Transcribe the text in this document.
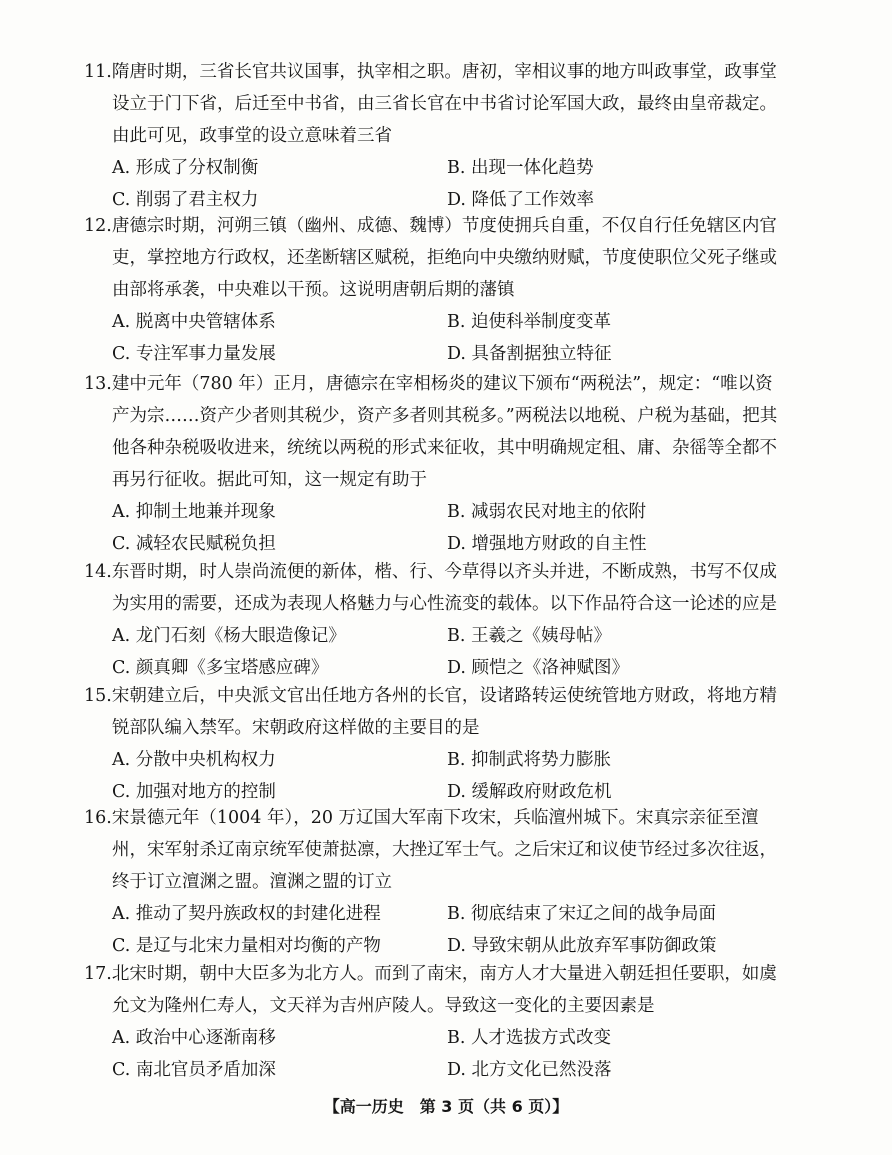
11.隋唐时期，三省长官共议国事，执宰相之职。唐初，宰相议事的地方叫政事堂，政事堂设立于门下省，后迁至中书省，由三省长官在中书省讨论军国大政，最终由皇帝裁定。由此可见，政事堂的设立意味着三省

A. 形成了分权制衡	B. 出现一体化趋势
C. 削弱了君主权力	D. 降低了工作效率

12.唐德宗时期，河朔三镇（幽州、成德、魏博）节度使拥兵自重，不仅自行任免辖区内官吏，掌控地方行政权，还垄断辖区赋税，拒绝向中央缴纳财赋，节度使职位父死子继或由部将承袭，中央难以干预。这说明唐朝后期的藩镇

A. 脱离中央管辖体系	B. 迫使科举制度变革
C. 专注军事力量发展	D. 具备割据独立特征

13.建中元年（780 年）正月，唐德宗在宰相杨炎的建议下颁布“两税法”，规定：“唯以资产为宗……资产少者则其税少，资产多者则其税多。”两税法以地税、户税为基础，把其他各种杂税吸收进来，统统以两税的形式来征收，其中明确规定租、庸、杂徭等全都不再另行征收。据此可知，这一规定有助于

A. 抑制土地兼并现象	B. 减弱农民对地主的依附
C. 减轻农民赋税负担	D. 增强地方财政的自主性

14.东晋时期，时人崇尚流便的新体，楷、行、今草得以齐头并进，不断成熟，书写不仅成为实用的需要，还成为表现人格魅力与心性流变的载体。以下作品符合这一论述的应是

A. 龙门石刻《杨大眼造像记》	B. 王羲之《姨母帖》
C. 颜真卿《多宝塔感应碑》	D. 顾恺之《洛神赋图》

15.宋朝建立后，中央派文官出任地方各州的长官，设诸路转运使统管地方财政，将地方精锐部队编入禁军。宋朝政府这样做的主要目的是

A. 分散中央机构权力	B. 抑制武将势力膨胀
C. 加强对地方的控制	D. 缓解政府财政危机

16.宋景德元年（1004 年），20 万辽国大军南下攻宋，兵临澶州城下。宋真宗亲征至澶州，宋军射杀辽南京统军使萧挞凛，大挫辽军士气。之后宋辽和议使节经过多次往返，终于订立澶渊之盟。澶渊之盟的订立

A. 推动了契丹族政权的封建化进程	B. 彻底结束了宋辽之间的战争局面
C. 是辽与北宋力量相对均衡的产物	D. 导致宋朝从此放弃军事防御政策

17.北宋时期，朝中大臣多为北方人。而到了南宋，南方人才大量进入朝廷担任要职，如虞允文为隆州仁寿人，文天祥为吉州庐陵人。导致这一变化的主要因素是

A. 政治中心逐渐南移	B. 人才选拔方式改变
C. 南北官员矛盾加深	D. 北方文化已然没落
【高一历史　第 3 页（共 6 页）】
